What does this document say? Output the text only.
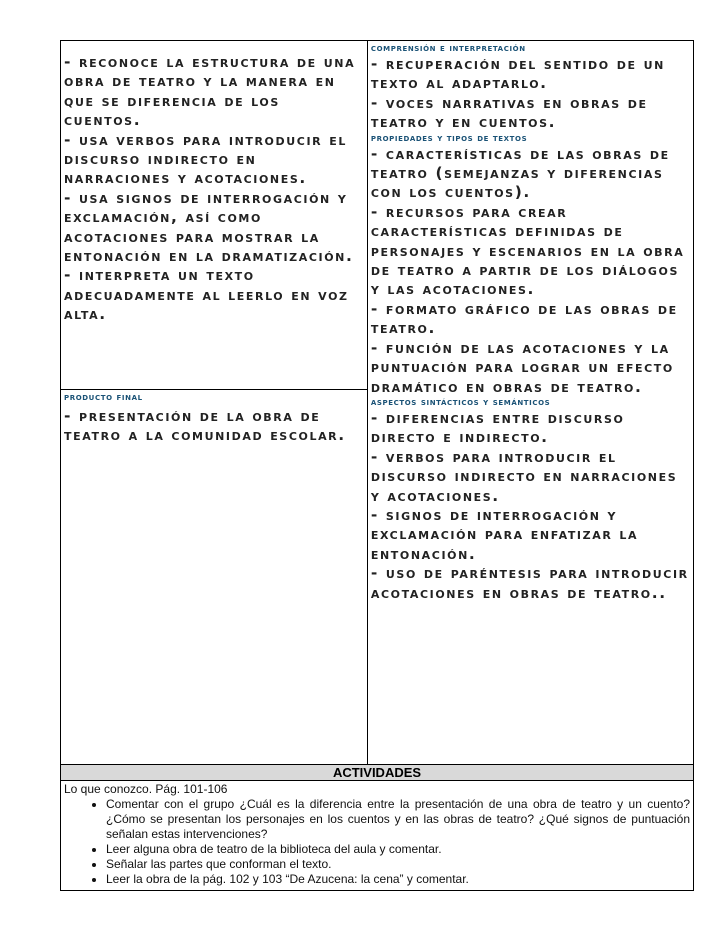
- reconoce la estructura de una obra de teatro y la manera en que se diferencia de los cuentos.

- usa verbos para introducir el discurso indirecto en narraciones y acotaciones.

- usa signos de interrogación y exclamación, así como acotaciones para mostrar la entonación en la dramatización.

- interpreta un texto adecuadamente al leerlo en voz alta.

comprensión e interpretación

- recuperación del sentido de un texto al adaptarlo.

- voces narrativas en obras de teatro y en cuentos.

propiedades y tipos de textos

- características de las obras de teatro (semejanzas y diferencias con los cuentos).

- recursos para crear características definidas de personajes y escenarios en la obra de teatro a partir de los diálogos y las acotaciones.

- formato gráfico de las obras de teatro.

- función de las acotaciones y la puntuación para lograr un efecto dramático en obras de teatro.

aspectos sintácticos y semánticos

- diferencias entre discurso directo e indirecto.

- verbos para introducir el discurso indirecto en narraciones y acotaciones.

- signos de interrogación y exclamación para enfatizar la entonación.

- uso de paréntesis para introducir acotaciones en obras de teatro..

producto final

- presentación de la obra de teatro a la comunidad escolar.

ACTIVIDADES

Lo que conozco. Pág. 101-106
• Comentar con el grupo ¿Cuál es la diferencia entre la presentación de una obra de teatro y un cuento? ¿Cómo se presentan los personajes en los cuentos y en las obras de teatro? ¿Qué signos de puntuación señalan estas intervenciones?
• Leer alguna obra de teatro de la biblioteca del aula y comentar.
• Señalar las partes que conforman el texto.
• Leer la obra de la pág. 102 y 103 “De Azucena: la cena” y comentar.
